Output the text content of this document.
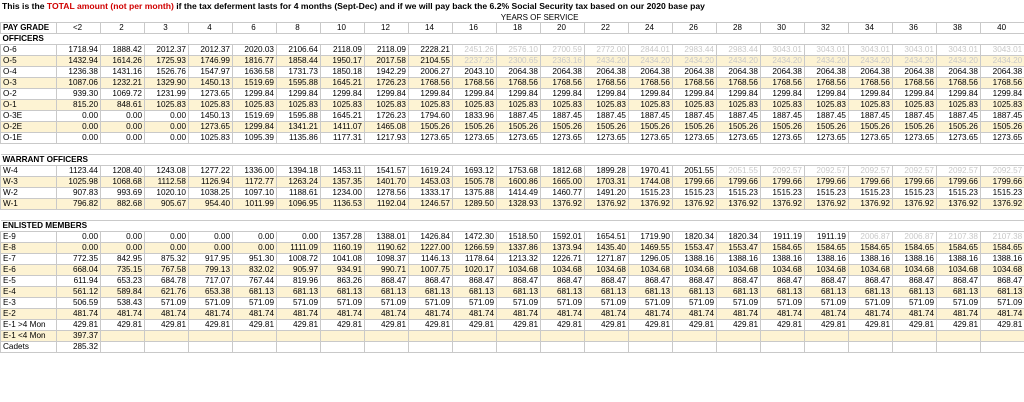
This is the TOTAL amount (not per month) if the tax deferment lasts for 4 months (Sept-Dec) and if we will pay back the 6.2% Social Security tax based on our 2020 base pay
	YEARS OF SERVICE																					
PAY GRADE	<2	2	3	4	6	8	10	12	14	16	18	20	22	24	26	28	30	32	34	36	38	40
OFFICERS																						
O-6	1718.94	1888.42	2012.37	2012.37	2020.03	2106.64	2118.09	2118.09	2228.21	2451.26	2576.10	2700.59	2772.00	2844.01	2983.44	2983.44	3043.01	3043.01	3043.01	3043.01	3043.01	3043.01
O-5	1432.94	1614.26	1725.93	1746.99	1816.77	1858.44	1950.17	2017.58	2104.55	2237.25	2300.65	2363.16	2434.20	2434.20	2434.20	2434.20	2434.20	2434.20	2434.20	2434.20	2434.20	2434.20
O-4	1236.38	1431.16	1526.76	1547.97	1636.58	1731.73	1850.18	1942.29	2006.27	2043.10	2064.38	2064.38	2064.38	2064.38	2064.38	2064.38	2064.38	2064.38	2064.38	2064.38	2064.38	2064.38
O-3	1087.06	1232.21	1329.90	1450.13	1519.69	1595.88	1645.21	1726.23	1768.56	1768.56	1768.56	1768.56	1768.56	1768.56	1768.56	1768.56	1768.56	1768.56	1768.56	1768.56	1768.56	1768.56
O-2	939.30	1069.72	1231.99	1273.65	1299.84	1299.84	1299.84	1299.84	1299.84	1299.84	1299.84	1299.84	1299.84	1299.84	1299.84	1299.84	1299.84	1299.84	1299.84	1299.84	1299.84	1299.84
O-1	815.20	848.61	1025.83	1025.83	1025.83	1025.83	1025.83	1025.83	1025.83	1025.83	1025.83	1025.83	1025.83	1025.83	1025.83	1025.83	1025.83	1025.83	1025.83	1025.83	1025.83	1025.83
O-3E	0.00	0.00	0.00	1450.13	1519.69	1595.88	1645.21	1726.23	1794.60	1833.96	1887.45	1887.45	1887.45	1887.45	1887.45	1887.45	1887.45	1887.45	1887.45	1887.45	1887.45	1887.45
O-2E	0.00	0.00	0.00	1273.65	1299.84	1341.21	1411.07	1465.08	1505.26	1505.26	1505.26	1505.26	1505.26	1505.26	1505.26	1505.26	1505.26	1505.26	1505.26	1505.26	1505.26	1505.26
O-1E	0.00	0.00	0.00	1025.83	1095.39	1135.86	1177.31	1217.93	1273.65	1273.65	1273.65	1273.65	1273.65	1273.65	1273.65	1273.65	1273.65	1273.65	1273.65	1273.65	1273.65	1273.65

WARRANT OFFICERS																						
W-4	1123.44	1208.40	1243.08	1277.22	1336.00	1394.18	1453.11	1541.57	1619.24	1693.12	1753.68	1812.68	1899.28	1970.41	2051.55	2051.55	2092.57	2092.57	2092.57	2092.57	2092.57	2092.57
W-3	1025.98	1068.68	1112.58	1126.94	1172.77	1263.24	1357.35	1401.70	1453.03	1505.78	1600.86	1665.00	1703.31	1744.08	1799.66	1799.66	1799.66	1799.66	1799.66	1799.66	1799.66	1799.66
W-2	907.83	993.69	1020.10	1038.25	1097.10	1188.61	1234.00	1278.56	1333.17	1375.88	1414.49	1460.77	1491.20	1515.23	1515.23	1515.23	1515.23	1515.23	1515.23	1515.23	1515.23	1515.23
W-1	796.82	882.68	905.67	954.40	1011.99	1096.95	1136.53	1192.04	1246.57	1289.50	1328.93	1376.92	1376.92	1376.92	1376.92	1376.92	1376.92	1376.92	1376.92	1376.92	1376.92	1376.92

ENLISTED MEMBERS																						
E-9	0.00	0.00	0.00	0.00	0.00	0.00	1357.28	1388.01	1426.84	1472.30	1518.50	1592.01	1654.51	1719.90	1820.34	1820.34	1911.19	1911.19	2006.87	2006.87	2107.38	2107.38
E-8	0.00	0.00	0.00	0.00	0.00	1111.09	1160.19	1190.62	1227.00	1266.59	1337.86	1373.94	1435.40	1469.55	1553.47	1553.47	1584.65	1584.65	1584.65	1584.65	1584.65	1584.65
E-7	772.35	842.95	875.32	917.95	951.30	1008.72	1041.08	1098.37	1146.13	1178.64	1213.32	1226.71	1271.87	1296.05	1388.16	1388.16	1388.16	1388.16	1388.16	1388.16	1388.16	1388.16
E-6	668.04	735.15	767.58	799.13	832.02	905.97	934.91	990.71	1007.75	1020.17	1034.68	1034.68	1034.68	1034.68	1034.68	1034.68	1034.68	1034.68	1034.68	1034.68	1034.68	1034.68
E-5	611.94	653.23	684.78	717.07	767.44	819.96	863.26	868.47	868.47	868.47	868.47	868.47	868.47	868.47	868.47	868.47	868.47	868.47	868.47	868.47	868.47	868.47
E-4	561.12	589.84	621.76	653.38	681.13	681.13	681.13	681.13	681.13	681.13	681.13	681.13	681.13	681.13	681.13	681.13	681.13	681.13	681.13	681.13	681.13	681.13
E-3	506.59	538.43	571.09	571.09	571.09	571.09	571.09	571.09	571.09	571.09	571.09	571.09	571.09	571.09	571.09	571.09	571.09	571.09	571.09	571.09	571.09	571.09
E-2	481.74	481.74	481.74	481.74	481.74	481.74	481.74	481.74	481.74	481.74	481.74	481.74	481.74	481.74	481.74	481.74	481.74	481.74	481.74	481.74	481.74	481.74
E-1 >4 Mon	429.81	429.81	429.81	429.81	429.81	429.81	429.81	429.81	429.81	429.81	429.81	429.81	429.81	429.81	429.81	429.81	429.81	429.81	429.81	429.81	429.81	429.81
E-1 <4 Mon	397.37																					
Cadets	285.32																					
